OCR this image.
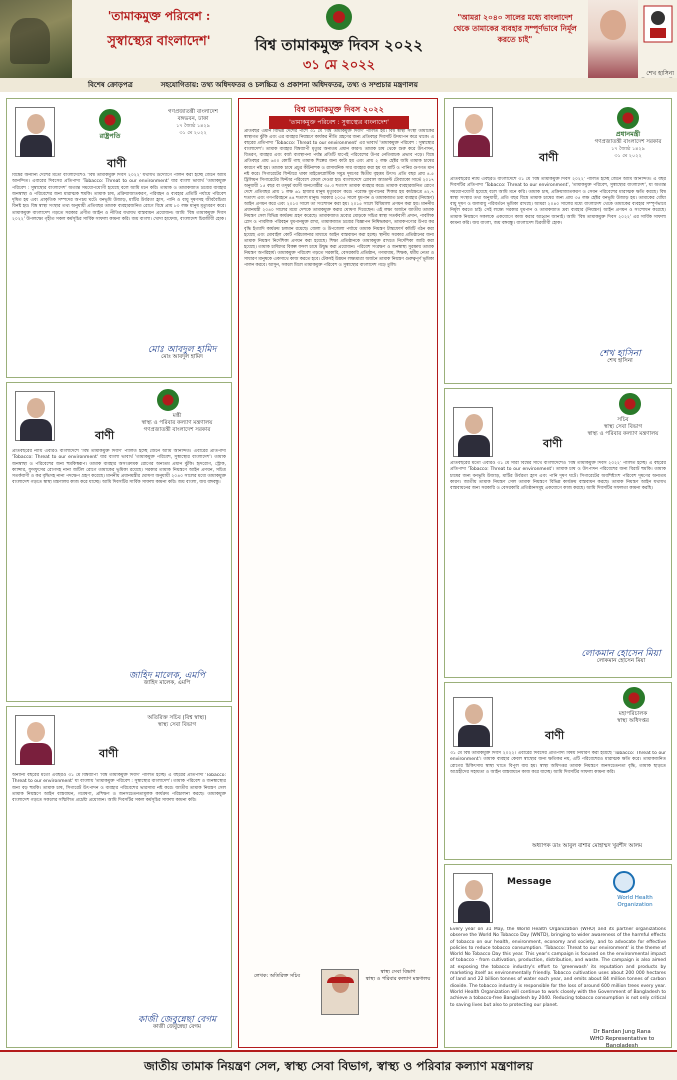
'তামাকমুক্ত পরিবেশ :
সুস্বাস্থ্যের বাংলাদেশ'	বিশ্ব তামাকমুক্ত দিবস ২০২২
৩১ মে ২০২২
"আমরা ২০৪০ সালের মধ্যে বাংলাদেশ থেকে তামাকের ব্যবহার সম্পূর্ণভাবে নির্মূল করতে চাই"
শেখ হাসিনা
বিশেষ ক্রোড়পত্র	সহযোগিতায়: তথ্য অধিদফতর ও চলচ্চিত্র ও প্রকাশনা অধিদফতর, তথ্য ও সম্প্রচার মন্ত্রণালয়
রাষ্ট্রপতি
গণপ্রজাতন্ত্রী বাংলাদেশ
বঙ্গভবন, ঢাকা
১৭ জ্যৈষ্ঠ ১৪২৯
৩১ মে ২০২২
বাণী
বিশ্বের অন্যান্য দেশের মতো বাংলাদেশেও 'বিশ্ব তামাকমুক্ত দিবস ২০২২' যথাযথ উদ্যোগে পালন করা হচ্ছে জেনে আমি আনন্দিত। এবারের দিবসের প্রতিপাদ্য 'Tobacco: Threat to our environment' যার বাংলা ভাবার্থ 'তামাকমুক্ত পরিবেশ : সুস্বাস্থ্যের বাংলাদেশ' অত্যন্ত সময়োপযোগী হয়েছে বলে আমি মনে করি। তামাক ও তামাকজাত দ্রব্যের ব্যবহার জনস্বাস্থ্য ও পরিবেশের জন্য মারাত্মক হুমকি। তামাক চাষ, প্রক্রিয়াজাতকরণ, পরিবহন ও ব্যবহার প্রতিটি পর্যায়ে পরিবেশ দূষিত হয় এবং প্রাকৃতিক সম্পদের অপচয় ঘটে। বনভূমি উজাড়, মাটির উর্বরতা হ্রাস, পানি ও বায়ু দূষণসহ জীববৈচিত্র্য বিনষ্ট হয়। বিশ্ব স্বাস্থ্য সংস্থার তথ্য অনুযায়ী প্রতিবছর তামাক ব্যবহারজনিত রোগে বিশ্বে প্রায় ৮০ লক্ষ মানুষ মৃত্যুবরণ করে। তামাকমুক্ত বাংলাদেশ গড়তে সরকার প্রণীত আইন ও নীতির যথাযথ বাস্তবায়ন প্রয়োজন। আমি 'বিশ্ব তামাকমুক্ত দিবস ২০২২' উপলক্ষ্যে গৃহীত সকল কর্মসূচির সার্বিক সাফল্য কামনা করি। জয় বাংলা। খোদা হাফেজ, বাংলাদেশ চিরজীবী হোক।
মোঃ আবদুল হামিদ
মোঃ আবদুল হামিদ
মন্ত্রী
স্বাস্থ্য ও পরিবার কল্যাণ মন্ত্রণালয়
গণপ্রজাতন্ত্রী বাংলাদেশ সরকার
বাণী
প্রতিবছরের ন্যায় এবারও বাংলাদেশে 'বিশ্ব তামাকমুক্ত দিবস' পালিত হচ্ছে জেনে আমি আনন্দিত। এবারের প্রতিপাদ্য 'Tobacco: Threat to our environment' যার বাংলা ভাবার্থ 'তামাকমুক্ত পরিবেশ, সুস্বাস্থ্যের বাংলাদেশ'। তামাক জনস্বাস্থ্য ও পরিবেশের জন্য হুমকিস্বরূপ। তামাক ব্যবহার অসংক্রামক রোগের অন্যতম প্রধান ঝুঁকি। হৃদরোগ, স্ট্রোক, ক্যান্সার, ফুসফুসের রোগসহ নানা জটিল রোগে তামাকের ভূমিকা রয়েছে। সরকার তামাক নিয়ন্ত্রণে আইন প্রণয়ন, সচিত্র সতর্কবাণী ও কর বৃদ্ধিসহ নানা পদক্ষেপ গ্রহণ করেছে। মাননীয় প্রধানমন্ত্রীর ঘোষণা অনুযায়ী ২০৪০ সালের মধ্যে তামাকমুক্ত বাংলাদেশ গড়তে স্বাস্থ্য মন্ত্রণালয় কাজ করে যাচ্ছে। আমি দিবসটির সার্বিক সাফল্য কামনা করি। জয় বাংলা, জয় বঙ্গবন্ধু।
জাহিদ মালেক, এমপি
জাহিদ মালেক, এমপি
অতিরিক্ত সচিব (বিশ্ব স্বাস্থ্য)
স্বাস্থ্য সেবা বিভাগ
বাণী
অন্যান্য বছরের মতো এবছরও ৩১ মে বিশ্বব্যাপী 'বিশ্ব তামাকমুক্ত দিবস' পালিত হচ্ছে। এ বছরের প্রতিপাদ্য 'Tobacco: Threat to our environment' যা বাংলায় 'তামাকমুক্ত পরিবেশ : সুস্বাস্থ্যের বাংলাদেশ'। তামাক পরিবেশ ও জনস্বাস্থ্যের জন্য বড় হুমকি। তামাক চাষ, সিগারেট উৎপাদন ও ব্যবহার পরিবেশের ভারসাম্য নষ্ট করে। জাতীয় তামাক নিয়ন্ত্রণ সেল তামাক নিয়ন্ত্রণে আইন বাস্তবায়ন, গবেষণা, প্রশিক্ষণ ও জনসচেতনতামূলক কার্যক্রম পরিচালনা করছে। তামাকমুক্ত বাংলাদেশ গড়তে সকলের সম্মিলিত প্রচেষ্টা প্রয়োজন। আমি দিবসটির সকল কর্মসূচির সাফল্য কামনা করি।
কাজী জেবুন্নেছা বেগম
কাজী জেবুন্নেছা বেগম
বিশ্ব তামাকমুক্ত দিবস ২০২২
'তামাকমুক্ত পরিবেশ : সুস্বাস্থ্যের বাংলাদেশ'
প্রতিবছর এমনি বিভিন্ন দেশের পার্শে ৩১ মে 'বিশ্ব তামাকমুক্ত দিবস' পালিত হয়। বিশ্ব স্বাস্থ্য সংস্থা তামাকের স্বাস্থ্যগত ঝুঁকি এবং এর ব্যবহার নিয়ন্ত্রণে কার্যকর নীতি গ্রহণের জন্য প্রতিবছর দিবসটি উদযাপন করে থাকে। এ বছরের প্রতিপাদ্য 'Tobacco: Threat to our environment' এর ভাবার্থ 'তামাকমুক্ত পরিবেশ : সুস্বাস্থ্যের বাংলাদেশ'। তামাক ব্যবহার বিশ্বব্যাপী মৃত্যুর অন্যতম প্রধান কারণ। তামাক চাষ থেকে শুরু করে উৎপাদন, বিতরণ, ব্যবহার এবং বর্জ্য ব্যবস্থাপনা পর্যন্ত প্রতিটি ধাপেই পরিবেশের উপর নেতিবাচক প্রভাব পড়ে। বিশ্বে প্রতিবছর প্রায় ৬০০ কোটি গাছ তামাক শিল্পের জন্য কাটা হয় এবং প্রায় ২ লক্ষ হেক্টর জমি তামাক চাষের কারণে নষ্ট হয়। তামাক চাষে প্রচুর কীটনাশক ও রাসায়নিক সার ব্যবহার করা হয় যা মাটি ও পানির গুণগত মান নষ্ট করে। সিগারেটের ফিল্টারে থাকা মাইক্রোপ্লাস্টিক সমুদ্র দূষণের দ্বিতীয় বৃহত্তম উৎস। প্রতি বছর প্রায় ৪.৫ ট্রিলিয়ন সিগারেটের ফিল্টার পরিবেশে ফেলে দেওয়া হয়। বাংলাদেশে গ্লোবাল অ্যাডাল্ট টোব্যাকো সার্ভে ২০১৭ অনুযায়ী ১৫ বছর বা তদূর্ধ্ব বয়সী জনগোষ্ঠীর ৩৫.৩ শতাংশ তামাক ব্যবহার করে। তামাক ব্যবহারজনিত রোগে দেশে প্রতিবছর প্রায় ১ লক্ষ ৬১ হাজার মানুষ মৃত্যুবরণ করে। পরোক্ষ ধূমপানের শিকার হয় কর্মক্ষেত্রে ৪২.৭ শতাংশ এবং গণপরিবহনে ৪৪ শতাংশ মানুষ। সরকার ২০০৫ সালে ধূমপান ও তামাকজাত দ্রব্য ব্যবহার (নিয়ন্ত্রণ) আইন প্রণয়ন করে এবং ২০১৩ সালে তা সংশোধন করা হয়। ২০১৫ সালে বিধিমালা প্রণয়ন করা হয়। মাননীয় প্রধানমন্ত্রী ২০৪০ সালের মধ্যে দেশকে তামাকমুক্ত করার ঘোষণা দিয়েছেন। এই লক্ষ্য অর্জনে জাতীয় তামাক নিয়ন্ত্রণ সেল বিভিন্ন কার্যক্রম গ্রহণ করেছে। তামাকজাত দ্রব্যের মোড়কে সচিত্র স্বাস্থ্য সতর্কবাণী প্রদান, পাবলিক প্লেস ও পাবলিক পরিবহন ধূমপানমুক্ত রাখা, তামাকজাত দ্রব্যের বিজ্ঞাপন নিষিদ্ধকরণ, তামাকপণ্যের উপর কর বৃদ্ধি ইত্যাদি কার্যক্রম চলমান রয়েছে। জেলা ও উপজেলা পর্যায়ে তামাক নিয়ন্ত্রণ টাস্কফোর্স কমিটি গঠন করা হয়েছে এবং মোবাইল কোর্ট পরিচালনার মাধ্যমে আইন বাস্তবায়ন করা হচ্ছে। স্থানীয় সরকার প্রতিষ্ঠানের জন্য তামাক নিয়ন্ত্রণ নির্দেশিকা প্রণয়ন করা হয়েছে। শিক্ষা প্রতিষ্ঠানকে তামাকমুক্ত রাখতে নির্দেশিকা জারি করা হয়েছে। তামাক চাষিদের বিকল্প ফসল চাষে উদ্বুদ্ধ করা প্রয়োজন। পরিবেশ সংরক্ষণ ও জনস্বাস্থ্য সুরক্ষায় তামাক নিয়ন্ত্রণ অপরিহার্য। তামাকমুক্ত পরিবেশ গড়তে সরকারি, বেসরকারি প্রতিষ্ঠান, গণমাধ্যম, শিক্ষক, ধর্মীয় নেতা ও সাধারণ মানুষকে একসাথে কাজ করতে হবে। টেকসই উন্নয়ন লক্ষ্যমাত্রা অর্জনে তামাক নিয়ন্ত্রণ গুরুত্বপূর্ণ ভূমিকা পালন করবে। আসুন, সকলে মিলে তামাকমুক্ত পরিবেশ ও সুস্বাস্থ্যের বাংলাদেশ গড়ে তুলি।
লেখক: অতিরিক্ত সচিব
স্বাস্থ্য সেবা বিভাগ
স্বাস্থ্য ও পরিবার কল্যাণ মন্ত্রণালয়
প্রধানমন্ত্রী
গণপ্রজাতন্ত্রী বাংলাদেশ সরকার
১৭ জ্যৈষ্ঠ ১৪২৯
৩১ মে ২০২২
বাণী
প্রতিবছরের ন্যায় এবছরও বাংলাদেশে ৩১ মে 'বিশ্ব তামাকমুক্ত দিবস ২০২২' পালিত হচ্ছে জেনে আমি আনন্দিত। এ বছর দিবসটির প্রতিপাদ্য 'Tobacco: Threat to our environment', 'তামাকমুক্ত পরিবেশ, সুস্বাস্থ্যের বাংলাদেশ', যা অত্যন্ত সময়োপযোগী হয়েছে বলে আমি মনে করি। তামাক চাষ, প্রক্রিয়াজাতকরণ ও সেবন পরিবেশের মারাত্মক ক্ষতি করছে। বিশ্ব স্বাস্থ্য সংস্থার তথ্য অনুযায়ী, প্রতি বছর বিশ্বে তামাক চাষের জন্য প্রায় ৩৫ লক্ষ হেক্টর বনভূমি উজাড় হয়। তামাকের ধোঁয়া বায়ু দূষণ ও জলবায়ু পরিবর্তনে ভূমিকা রাখছে। আমরা ২০৪০ সালের মধ্যে বাংলাদেশ থেকে তামাকের ব্যবহার সম্পূর্ণভাবে নির্মূল করতে চাই। সেই লক্ষ্যে সরকার ধূমপান ও তামাকজাত দ্রব্য ব্যবহার (নিয়ন্ত্রণ) আইন প্রণয়ন ও সংশোধন করেছে। তামাক নিয়ন্ত্রণে সকলকে একযোগে কাজ করার আহ্বান জানাই। আমি 'বিশ্ব তামাকমুক্ত দিবস ২০২২' এর সার্বিক সাফল্য কামনা করি। জয় বাংলা, জয় বঙ্গবন্ধু। বাংলাদেশ চিরজীবী হোক।
শেখ হাসিনা
শেখ হাসিনা
সচিব
স্বাস্থ্য সেবা বিভাগ
স্বাস্থ্য ও পরিবার কল্যাণ মন্ত্রণালয়
বাণী
প্রতিবছরের মতো এবারও ৩১ মে সারা বিশ্বের সাথে বাংলাদেশেও 'বিশ্ব তামাকমুক্ত দিবস ২০২২' পালিত হচ্ছে। এ বছরের প্রতিপাদ্য 'Tobacco: Threat to our environment'। তামাক চাষ ও উৎপাদন পরিবেশের জন্য বিরাট হুমকি। তামাক চাষের জন্য বনভূমি উজাড়, মাটির উর্বরতা হ্রাস এবং পানি দূষণ ঘটে। সিগারেটের অবশিষ্টাংশ পরিবেশ দূষণের অন্যতম কারণ। জাতীয় তামাক নিয়ন্ত্রণ সেল তামাক নিয়ন্ত্রণে বিভিন্ন কার্যক্রম বাস্তবায়ন করছে। তামাক নিয়ন্ত্রণ আইন যথাযথ বাস্তবায়নের জন্য সরকারি ও বেসরকারি প্রতিষ্ঠানসমূহ একযোগে কাজ করছে। আমি দিবসটির সফলতা কামনা করছি।
লোকমান হোসেন মিয়া
লোকমান হোসেন মিয়া
মহাপরিচালক
স্বাস্থ্য অধিদপ্তর
বাণী
৩১ মে বিশ্ব তামাকমুক্ত দিবস ২০২২। এবারের দিবসের প্রতিপাদ্য বিষয় নির্ধারণ করা হয়েছে 'Tobacco: Threat to our environment'। তামাক ব্যবহার কেবল স্বাস্থ্যের জন্য ক্ষতিকর নয়, এটি পরিবেশেরও মারাত্মক ক্ষতি করে। তামাকজনিত রোগের চিকিৎসায় স্বাস্থ্য খাতে বিপুল ব্যয় হয়। স্বাস্থ্য অধিদপ্তর তামাক নিয়ন্ত্রণে জনসচেতনতা বৃদ্ধি, তামাক ছাড়তে আগ্রহীদের সহায়তা ও আইন বাস্তবায়নে কাজ করে যাচ্ছে। আমি দিবসটির সাফল্য কামনা করি।
অধ্যাপক ডাঃ আবুল বাশার মোহাম্মদ খুরশীদ আলম
Message
World Health Organization
Every year on 31 May, the World Health Organization (WHO) and its partner organizations observe the World No Tobacco Day (WNTD), bringing to wider awareness of the harmful effects of tobacco on our health, environment, economy and society, and to advocate for effective policies to reduce tobacco consumption. 'Tobacco: Threat to our environment' is the theme of World No Tobacco Day this year. This year's campaign is focused on the environmental impact of tobacco - from cultivation, production, distribution, and waste. The campaign is also aimed at exposing the tobacco industry's effort to 'greenwash' its reputation and products by marketing itself as environmentally friendly. Tobacco cultivation uses about 200 000 hectares of land and 22 billion tonnes of water each year, and emits about 84 million tonnes of carbon dioxide. The tobacco industry is responsible for the loss of around 600 million trees every year. World Health Organization will continue to work closely with the Government of Bangladesh to achieve a tobacco-free Bangladesh by 2040. Reducing tobacco consumption is not only critical to saving lives but also to protecting our planet.
Dr Bardan Jung Rana
WHO Representative to Bangladesh
জাতীয় তামাক নিয়ন্ত্রণ সেল, স্বাস্থ্য সেবা বিভাগ, স্বাস্থ্য ও পরিবার কল্যাণ মন্ত্রণালয়
